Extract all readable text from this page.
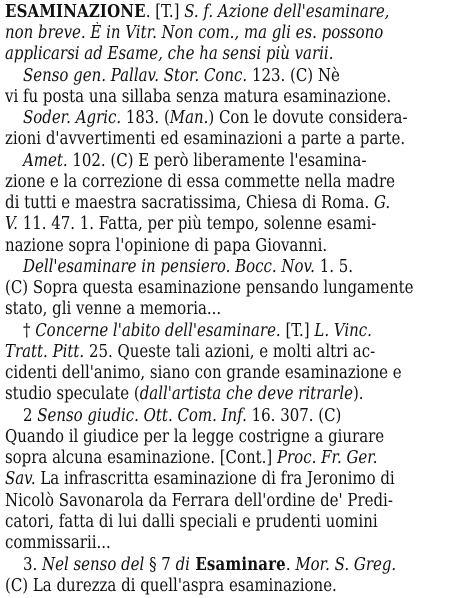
ESAMINAZIONE. [T.] S. f. Azione dell'esaminare,
non breve. È in Vitr. Non com., ma gli es. possono
applicarsi ad Esame, che ha sensi più varii.
Senso gen. Pallav. Stor. Conc. 123. (C) Nè
vi fu posta una sillaba senza matura esaminazione.
Soder. Agric. 183. (Man.) Con le dovute considera-
zioni d'avvertimenti ed esaminazioni a parte a parte.
Amet. 102. (C) E però liberamente l'esamina-
zione e la correzione di essa commette nella madre
di tutti e maestra sacratissima, Chiesa di Roma. G.
V. 11. 47. 1. Fatta, per più tempo, solenne esami-
nazione sopra l'opinione di papa Giovanni.
Dell'esaminare in pensiero. Bocc. Nov. 1. 5.
(C) Sopra questa esaminazione pensando lungamente
stato, gli venne a memoria...
† Concerne l'abito dell'esaminare. [T.] L. Vinc.
Tratt. Pitt. 25. Queste tali azioni, e molti altri ac-
cidenti dell'animo, siano con grande esaminazione e
studio speculate (dall'artista che deve ritrarle).
2 Senso giudic. Ott. Com. Inf. 16. 307. (C)
Quando il giudice per la legge costrigne a giurare
sopra alcuna esaminazione. [Cont.] Proc. Fr. Ger.
Sav. La infrascritta esaminazione di fra Jeronimo di
Nicolò Savonarola da Ferrara dell'ordine de' Predi-
catori, fatta di lui dalli speciali e prudenti uomini
commissarii...
3. Nel senso del § 7 di Esaminare. Mor. S. Greg.
(C) La durezza di quell'aspra esaminazione.
